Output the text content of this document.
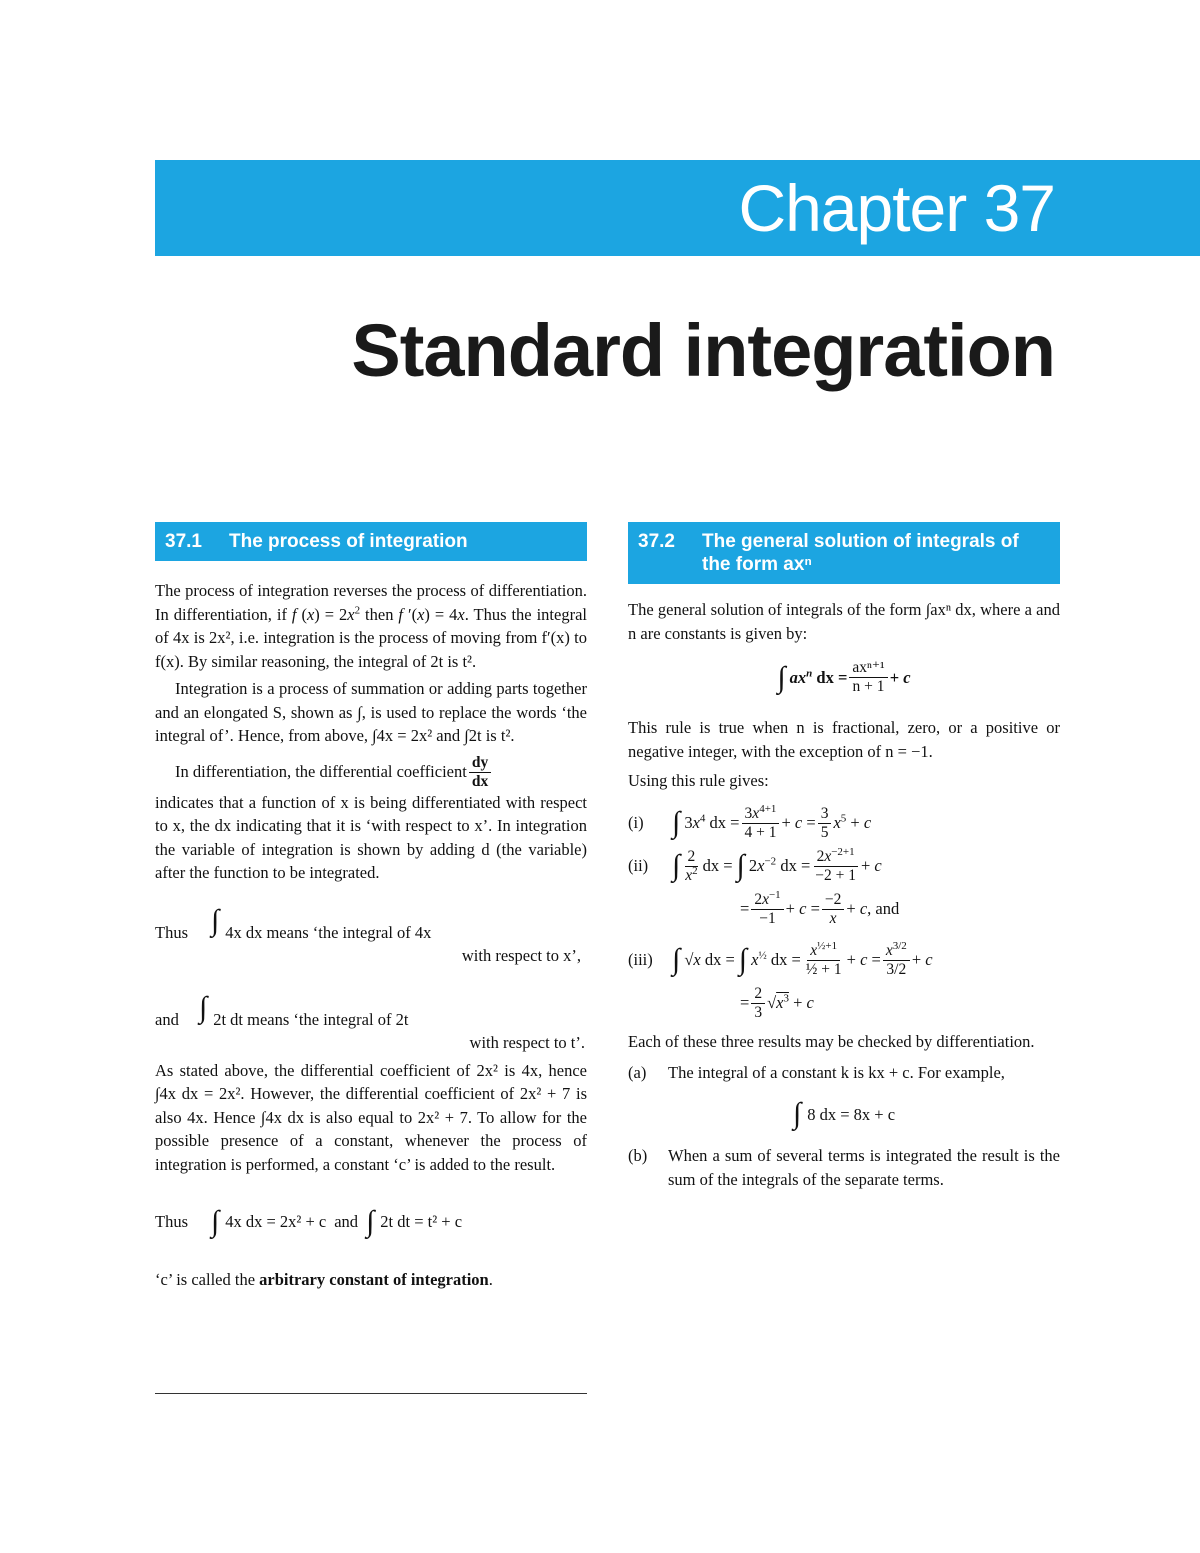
Chapter 37
Standard integration
37.1	The process of integration

The process of integration reverses the process of differentiation. In differentiation, if f $(x) = 2x^2$ then f ′(x) = 4x. Thus the integral of 4x is 2x², i.e. integration is the process of moving from f′(x) to f(x). By similar reasoning, the integral of 2t is t².

Integration is a process of summation or adding parts together and an elongated S, shown as ∫, is used to replace the words ‘the integral of’. Hence, from above, ∫4x = 2x² and ∫2t is t².

In differentiation, the differential coefficient $\frac{dy}{dx}$

indicates that a function of x is being differentiated with respect to x, the dx indicating that it is ‘with respect to x’. In integration the variable of integration is shown by adding d (the variable) after the function to be integrated.

Thus ∫ 4x dx means ‘the integral of 4x
with respect to x’,
and ∫ 2t dt means ‘the integral of 2t
with respect to t’.

As stated above, the differential coefficient of 2x² is 4x, hence ∫4x dx = 2x². However, the differential coefficient of 2x² + 7 is also 4x. Hence ∫4x dx is also equal to 2x² + 7. To allow for the possible presence of a constant, whenever the process of integration is performed, a constant ‘c’ is added to the result.

Thus ∫ 4x dx = 2x² + c and ∫ 2t dt = t² + c

‘c’ is called the arbitrary constant of integration.

37.2	The general solution of integrals of the form axⁿ

The general solution of integrals of the form ∫axⁿ dx, where a and n are constants is given by:

∫ $ax^n$ dx = $\frac{\text{axⁿ⁺¹}}{n + 1} + c$

This rule is true when n is fractional, zero, or a positive or negative integer, with the exception of n = −1.

Using this rule gives:

(i) ∫ $3x^4$ dx = $\frac{3x^{4+1}}{4 + 1} + c = \frac{3}{5} x^5 + c$
(ii) ∫ $\frac{2}{x^2}$ dx = ∫ $2x^{-2}$ dx = $\frac{2x^{-2+1}}{-2 + 1} + c$
= $\frac{2x^{-1}}{-1} + c = \frac{-2}{x} + c$, and
(iii) ∫ √x dx = ∫ $x^{\frac{1}{2}}$ dx = $\frac{x^{\frac{1}{2}+1}}{\text{½ + 1}} + c = \frac{x^{3/2}}{3/2} + c$
= $\frac{2}{3} √x^3 + c$

Each of these three results may be checked by differentiation.

(a)	The integral of a constant k is kx + c. For example,
∫ 8 dx = 8x + c
(b)	When a sum of several terms is integrated the result is the sum of the integrals of the separate terms.
